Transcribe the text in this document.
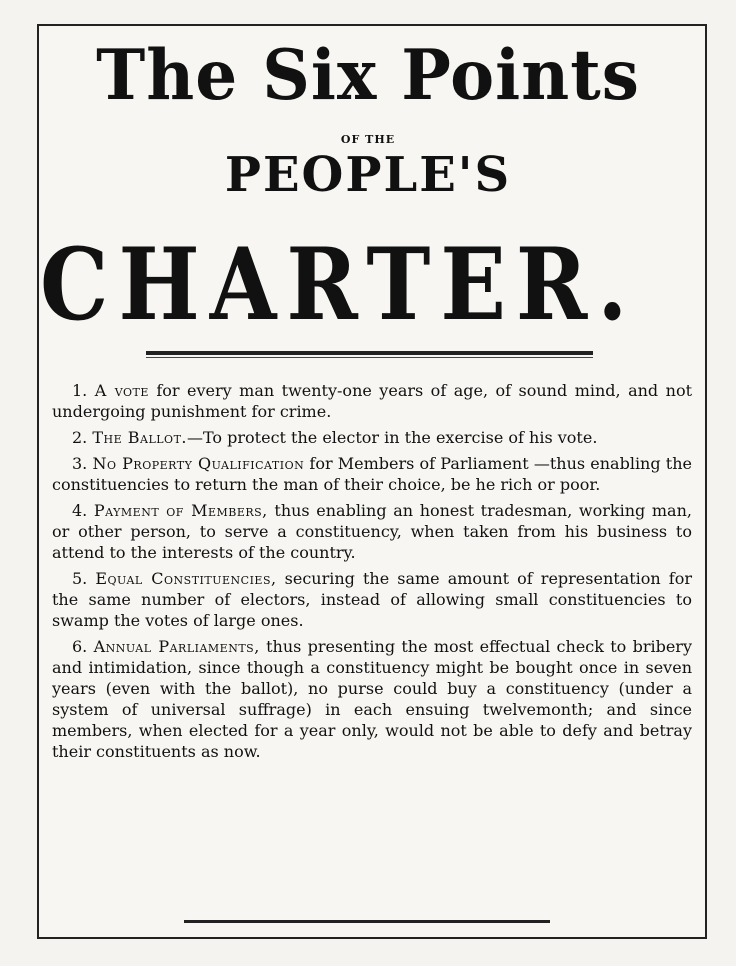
The Six Points
OF THE
PEOPLE'S
CHARTER.

1. A vote for every man twenty-one years of age, of sound mind, and not undergoing punishment for crime.

2. The Ballot.—To protect the elector in the exercise of his vote.

3. No Property Qualification for Members of Parliament —thus enabling the constituencies to return the man of their choice, be he rich or poor.

4. Payment of Members, thus enabling an honest tradesman, working man, or other person, to serve a constituency, when taken from his business to attend to the interests of the country.

5. Equal Constituencies, securing the same amount of representation for the same number of electors, instead of allowing small constituencies to swamp the votes of large ones.

6. Annual Parliaments, thus presenting the most effectual check to bribery and intimidation, since though a constituency might be bought once in seven years (even with the ballot), no purse could buy a constituency (under a system of universal suffrage) in each ensuing twelvemonth; and since members, when elected for a year only, would not be able to defy and betray their constituents as now.
